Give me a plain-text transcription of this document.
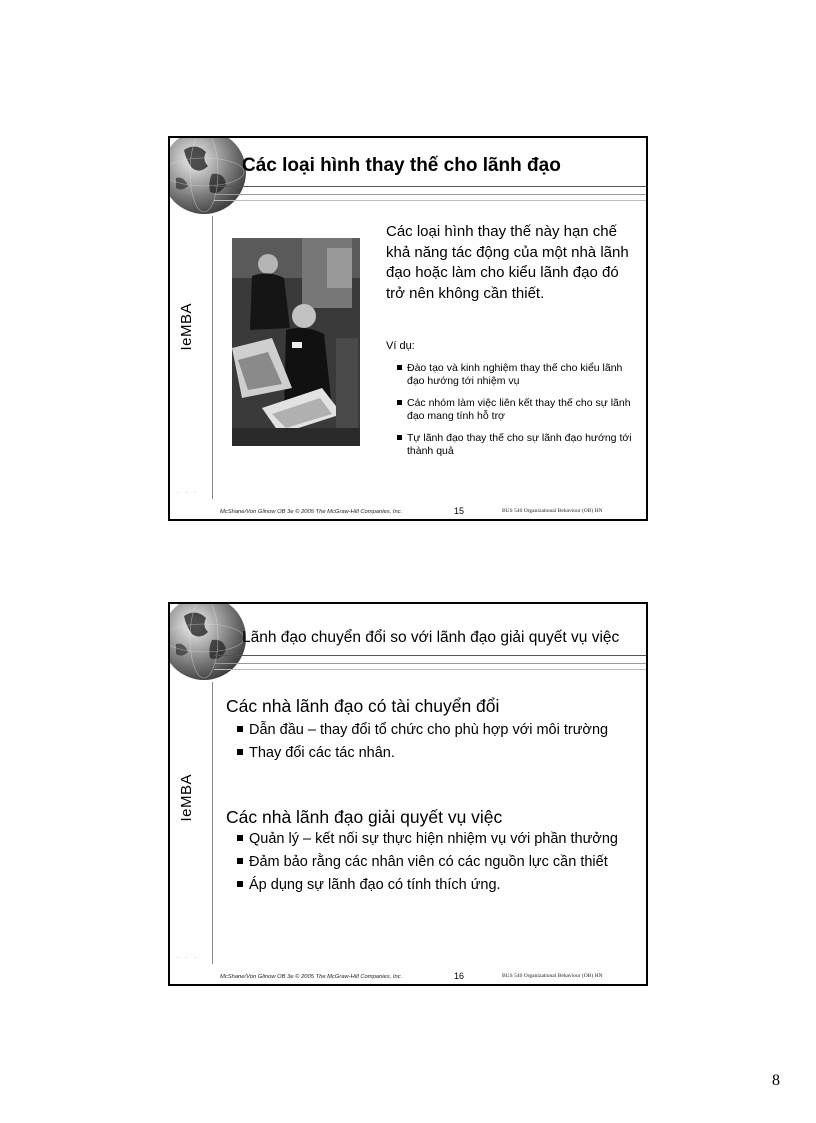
Các loại hình thay thế cho lãnh đạo
IeMBA
· · ·
Các loại hình thay thế này hạn chế khả năng tác động của một nhà lãnh đạo hoặc làm cho kiểu lãnh đạo đó trở nên không cần thiết.
Ví dụ:
Đào tạo và kinh nghiệm thay thế cho kiểu lãnh đạo hướng tới nhiệm vụ
Các nhóm làm việc liên kết thay thế cho sự lãnh đạo mang tính hỗ trợ
Tự lãnh đạo thay thế cho sự lãnh đạo hướng tới thành quả
McShane/Von Glinow OB 3e © 2005 The McGraw-Hill Companies, Inc.	15	BUS 540 Organizational Behaviour (OB) HN
Lãnh đạo chuyển đổi so với lãnh đạo giải quyết vụ việc
IeMBA
· · ·
Các nhà lãnh đạo có tài chuyển đổi
Dẫn đầu – thay đổi tổ chức cho phù hợp với môi trường
Thay đổi các tác nhân.
Các nhà lãnh đạo giải quyết vụ việc
Quản lý – kết nối sự thực hiện nhiệm vụ với phần thưởng
Đảm bảo rằng các nhân viên có các nguồn lực cần thiết
Áp dụng sự lãnh đạo có tính thích ứng.
McShane/Von Glinow OB 3e © 2005 The McGraw-Hill Companies, Inc.	16	BUS 540 Organizational Behaviour (OB) HN
8
